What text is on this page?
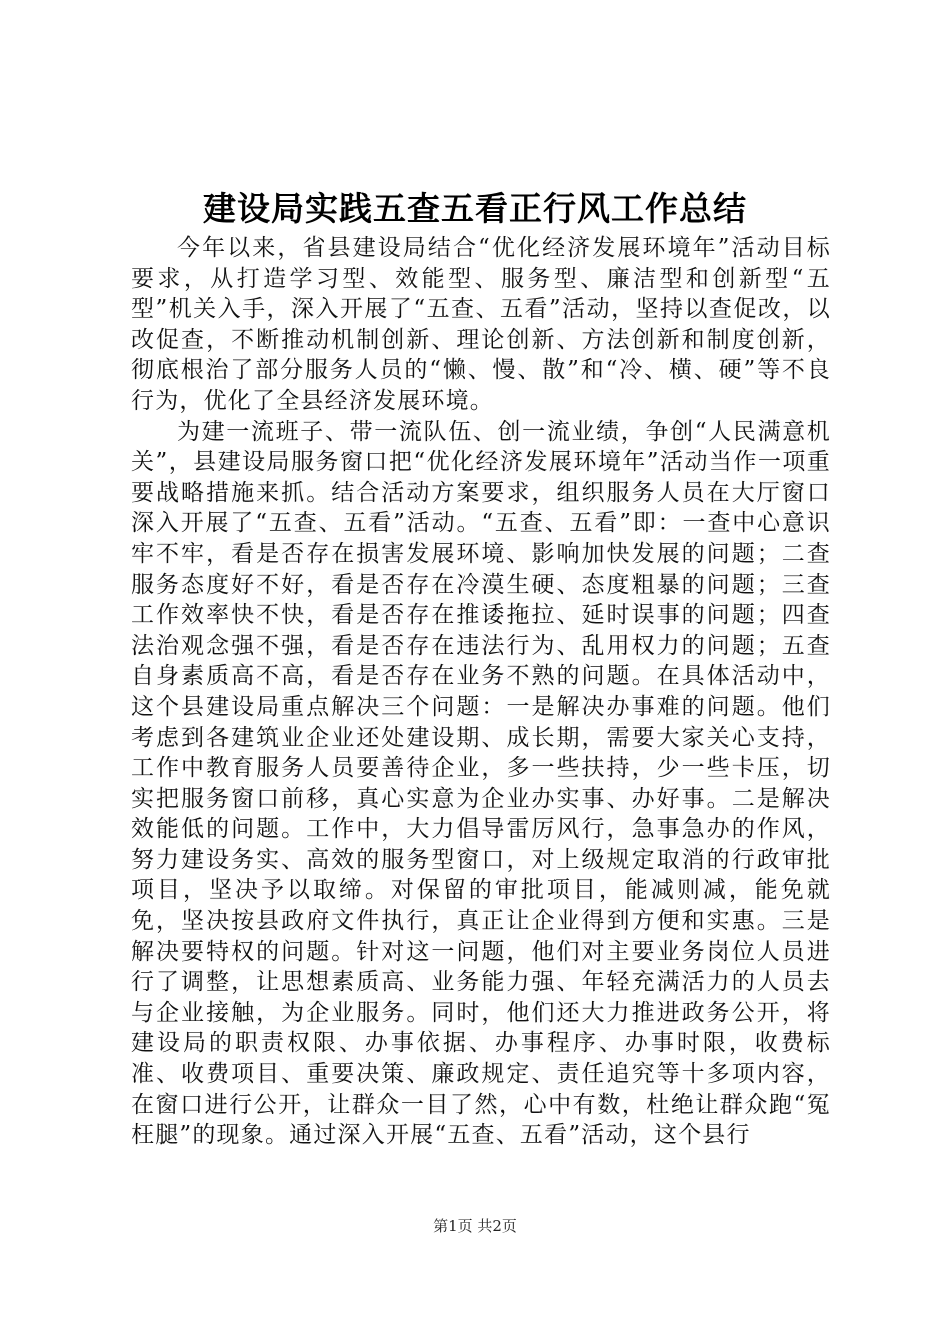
建设局实践五查五看正行风工作总结

今年以来，省县建设局结合“优化经济发展环境年”活动目标要求，从打造学习型、效能型、服务型、廉洁型和创新型“五型”机关入手，深入开展了“五查、五看”活动，坚持以查促改，以改促查，不断推动机制创新、理论创新、方法创新和制度创新，彻底根治了部分服务人员的“懒、慢、散”和“冷、横、硬”等不良行为，优化了全县经济发展环境。

为建一流班子、带一流队伍、创一流业绩，争创“人民满意机关”，县建设局服务窗口把“优化经济发展环境年”活动当作一项重要战略措施来抓。结合活动方案要求，组织服务人员在大厅窗口深入开展了“五查、五看”活动。“五查、五看”即：一查中心意识牢不牢，看是否存在损害发展环境、影响加快发展的问题；二查服务态度好不好，看是否存在冷漠生硬、态度粗暴的问题；三查工作效率快不快，看是否存在推诿拖拉、延时误事的问题；四查法治观念强不强，看是否存在违法行为、乱用权力的问题；五查自身素质高不高，看是否存在业务不熟的问题。在具体活动中，这个县建设局重点解决三个问题：一是解决办事难的问题。他们考虑到各建筑业企业还处建设期、成长期，需要大家关心支持，工作中教育服务人员要善待企业，多一些扶持，少一些卡压，切实把服务窗口前移，真心实意为企业办实事、办好事。二是解决效能低的问题。工作中，大力倡导雷厉风行，急事急办的作风，努力建设务实、高效的服务型窗口，对上级规定取消的行政审批项目，坚决予以取缔。对保留的审批项目，能减则减，能免就免，坚决按县政府文件执行，真正让企业得到方便和实惠。三是解决要特权的问题。针对这一问题，他们对主要业务岗位人员进行了调整，让思想素质高、业务能力强、年轻充满活力的人员去与企业接触，为企业服务。同时，他们还大力推进政务公开，将建设局的职责权限、办事依据、办事程序、办事时限，收费标准、收费项目、重要决策、廉政规定、责任追究等十多项内容，在窗口进行公开，让群众一目了然，心中有数，杜绝让群众跑“冤枉腿”的现象。通过深入开展“五查、五看”活动，这个县行

第1页 共2页
